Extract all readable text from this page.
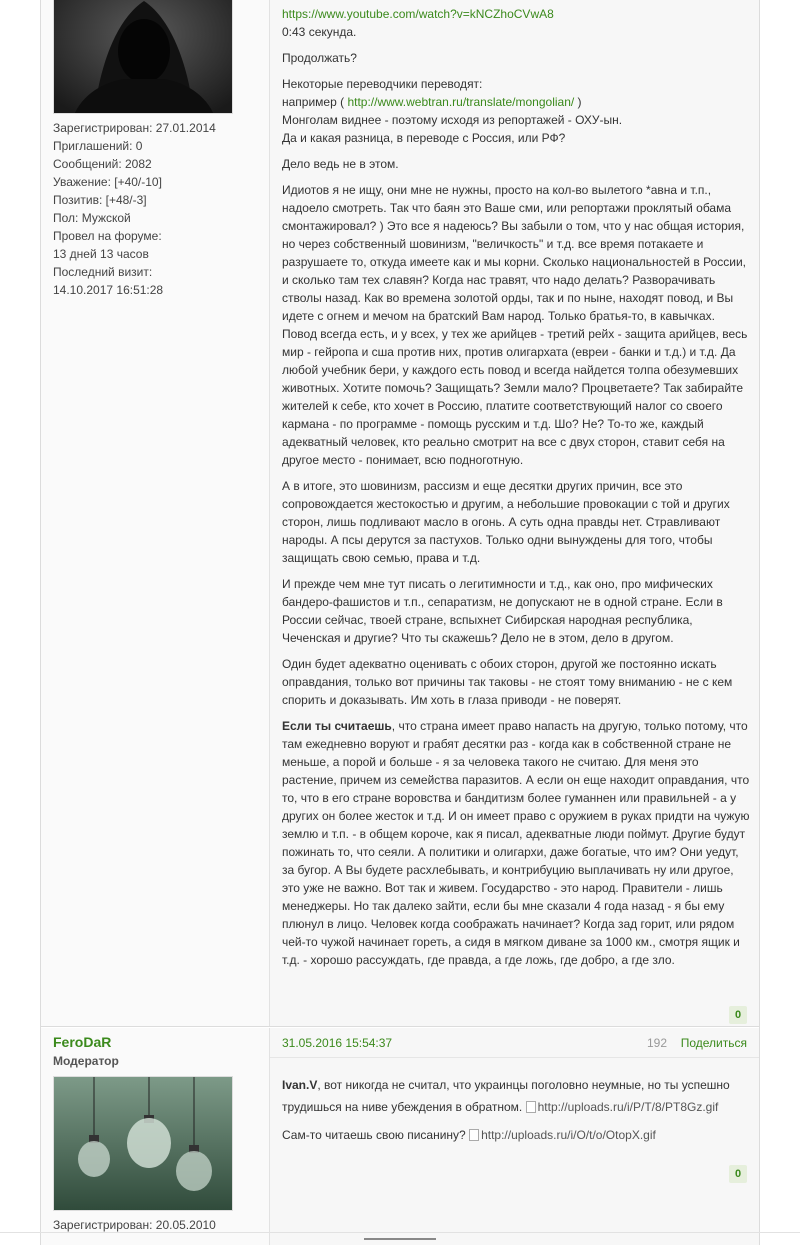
Зарегистрирован: 27.01.2014
Приглашений: 0
Сообщений: 2082
Уважение: [+40/-10]
Позитив: [+48/-3]
Пол: Мужской
Провел на форуме:
13 дней 13 часов
Последний визит:
14.10.2017 16:51:28

https://www.youtube.com/watch?v=kNCZhoCVwA8
0:43 секунда.

Продолжать?

Некоторые переводчики переводят:
например ( http://www.webtran.ru/translate/mongolian/ )
Монголам виднее - поэтому исходя из репортажей - ОХУ-ын.
Да и какая разница, в переводе с Россия, или РФ?

Дело ведь не в этом.

Идиотов я не ищу, они мне не нужны, просто на кол-во вылетого *авна и т.п., надоело смотреть. Так что баян это Ваше сми, или репортажи проклятый обама смонтажировал? ) Это все я надеюсь? Вы забыли о том, что у нас общая история, но через собственный шовинизм, "величкость" и т.д. все время потакаете и разрушаете то, откуда имеете как и мы корни. Сколько национальностей в России, и сколько там тех славян? Когда нас травят, что надо делать? Разворачивать стволы назад. Как во времена золотой орды, так и по ныне, находят повод, и Вы идете с огнем и мечом на братский Вам народ. Только братья-то, в кавычках. Повод всегда есть, и у всех, у тех же арийцев - третий рейх - защита арийцев, весь мир - гейропа и сша против них, против олигархата (евреи - банки и т.д.) и т.д. Да любой учебник бери, у каждого есть повод и всегда найдется толпа обезумевших животных. Хотите помочь? Защищать? Земли мало? Процветаете? Так забирайте жителей к себе, кто хочет в Россию, платите соответствующий налог со своего кармана - по программе - помощь русским и т.д. Шо? Не? То-то же, каждый адекватный человек, кто реально смотрит на все с двух сторон, ставит себя на другое место - понимает, всю подноготную.

А в итоге, это шовинизм, рассизм и еще десятки других причин, все это сопровождается жестокостью и другим, а небольшие провокации с той и других сторон, лишь подливают масло в огонь. А суть одна правды нет. Стравливают народы. А псы дерутся за пастухов. Только одни вынуждены для того, чтобы защищать свою семью, права и т.д.

И прежде чем мне тут писать о легитимности и т.д., как оно, про мифических бандеро-фашистов и т.п., сепаратизм, не допускают не в одной стране. Если в России сейчас, твоей стране, вспыхнет Сибирская народная республика, Чеченская и другие? Что ты скажешь? Дело не в этом, дело в другом.

Один будет адекватно оценивать с обоих сторон, другой же постоянно искать оправдания, только вот причины так таковы - не стоят тому вниманию - не с кем спорить и доказывать. Им хоть в глаза приводи - не поверят.

Если ты считаешь, что страна имеет право напасть на другую, только потому, что там ежедневно воруют и грабят десятки раз - когда как в собственной стране не меньше, а порой и больше - я за человека такого не считаю. Для меня это растение, причем из семейства паразитов. А если он еще находит оправдания, что то, что в его стране воровства и бандитизм более гуманнен или правильней - а у других он более жесток и т.д. И он имеет право с оружием в руках придти на чужую землю и т.п. - в общем короче, как я писал, адекватные люди поймут. Другие будут пожинать то, что сеяли. А политики и олигархи, даже богатые, что им? Они уедут, за бугор. А Вы будете расхлебывать, и контрибуцию выплачивать ну или другое, это уже не важно. Вот так и живем. Государство - это народ. Правители - лишь менеджеры. Но так далеко зайти, если бы мне сказали 4 года назад - я бы ему плюнул в лицо. Человек когда соображать начинает? Когда зад горит, или рядом чей-то чужой начинает гореть, а сидя в мягком диване за 1000 км., смотря ящик и т.д. - хорошо рассуждать, где правда, а где ложь, где добро, а где зло.

0
FeroDaR
Модератор
Зарегистрирован: 20.05.2010
31.05.2016 15:54:37	192 Поделиться

Ivan.V, вот никогда не считал, что украинцы поголовно неумные, но ты успешно трудишься на ниве убеждения в обратном. http://uploads.ru/i/P/T/8/PT8Gz.gif

Сам-то читаешь свою писанину? http://uploads.ru/i/O/t/o/OtopX.gif

0
